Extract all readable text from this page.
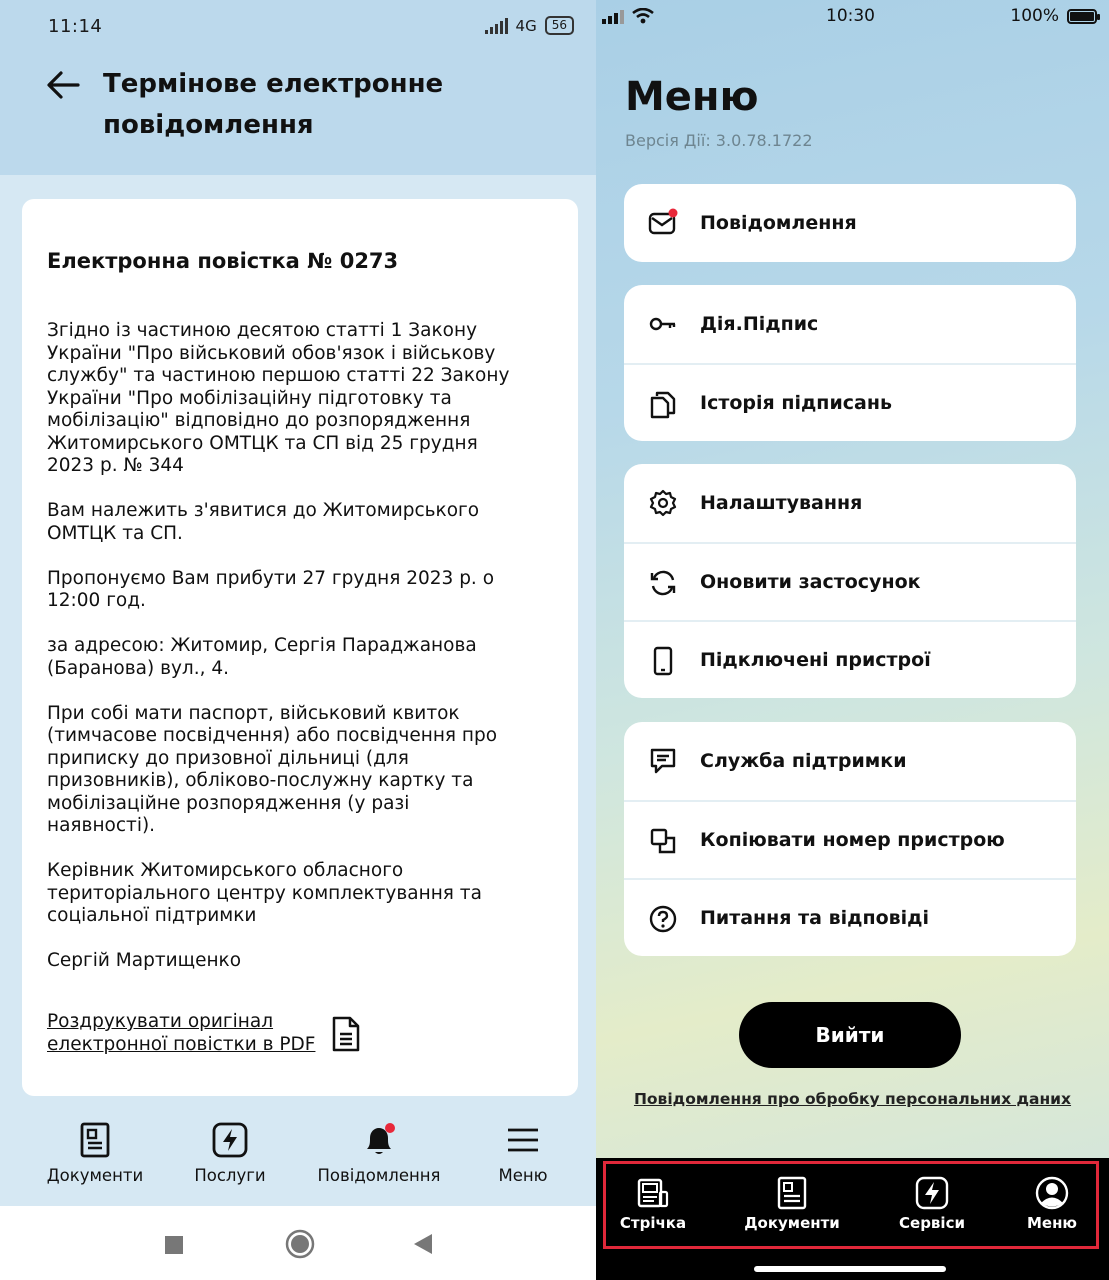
11:14	4G	56
Термінове електронне повідомлення
Електронна повістка № 0273

Згідно із частиною десятою статті 1 Закону
України "Про військовий обов'язок і військову
службу" та частиною першою статті 22 Закону
України "Про мобілізаційну підготовку та
мобілізацію" відповідно до розпорядження
Житомирського ОМТЦК та СП від 25 грудня
2023 р. № 344

Вам належить з'явитися до Житомирського
ОМТЦК та СП.

Пропонуємо Вам прибути 27 грудня 2023 р. о
12:00 год.

за адресою: Житомир, Сергія Параджанова
(Баранова) вул., 4.

При собі мати паспорт, військовий квиток
(тимчасове посвідчення) або посвідчення про
приписку до призовної дільниці (для
призовників), обліково-послужну картку та
мобілізаційне розпорядження (у разі
наявності).

Керівник Житомирського обласного
територіального центру комплектування та
соціальної підтримки

Сергій Мартищенко

Роздрукувати оригінал
електронної повістки в PDF
Документи	Послуги	Повідомлення	Меню
10:30	100%
Меню
Версія Дії: 3.0.78.1722
Повідомлення
Дія.Підпис
Історія підписань
Налаштування
Оновити застосунок
Підключені пристрої
Служба підтримки
Копіювати номер пристрою
Питання та відповіді
Вийти
Повідомлення про обробку персональних даних
Стрічка	Документи	Сервіси	Меню
